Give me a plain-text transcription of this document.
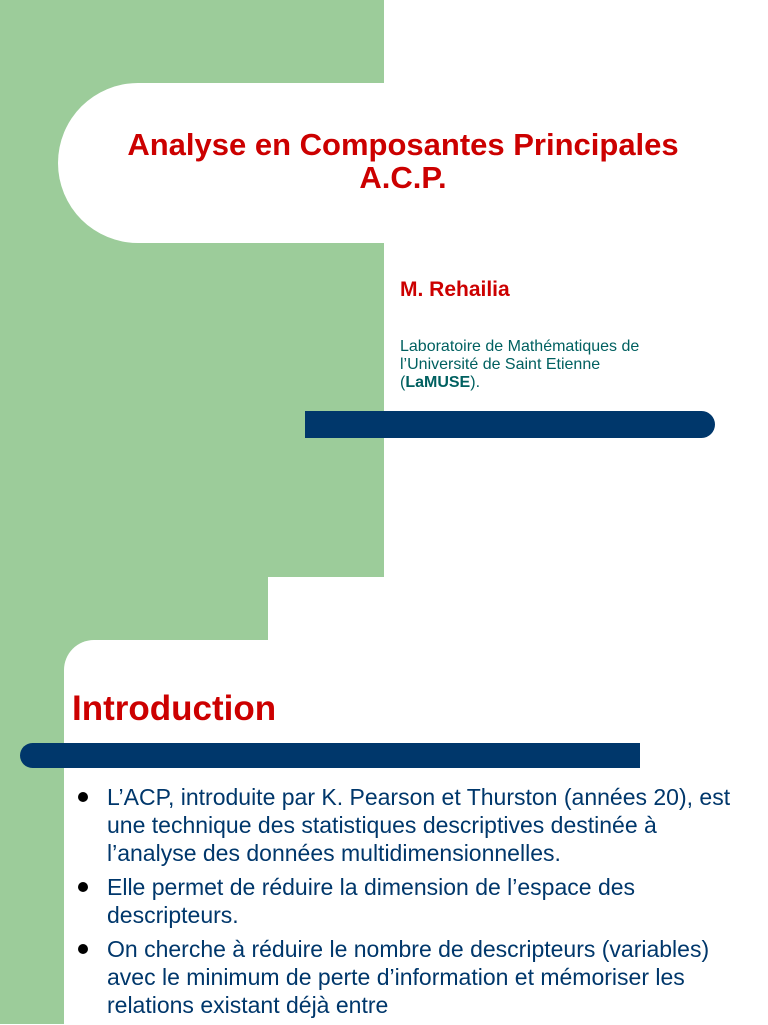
Analyse en Composantes Principales
A.C.P.
M. Rehailia
Laboratoire de Mathématiques de
l’Université de Saint Etienne
(LaMUSE).
Introduction
L’ACP, introduite par K. Pearson et Thurston (années 20), est une technique des statistiques descriptives destinée à l’analyse des données multidimensionnelles.
Elle permet de réduire la dimension de l’espace des descripteurs.
On cherche à réduire le nombre de descripteurs (variables) avec le minimum de perte d’information et mémoriser les relations existant déjà entre
